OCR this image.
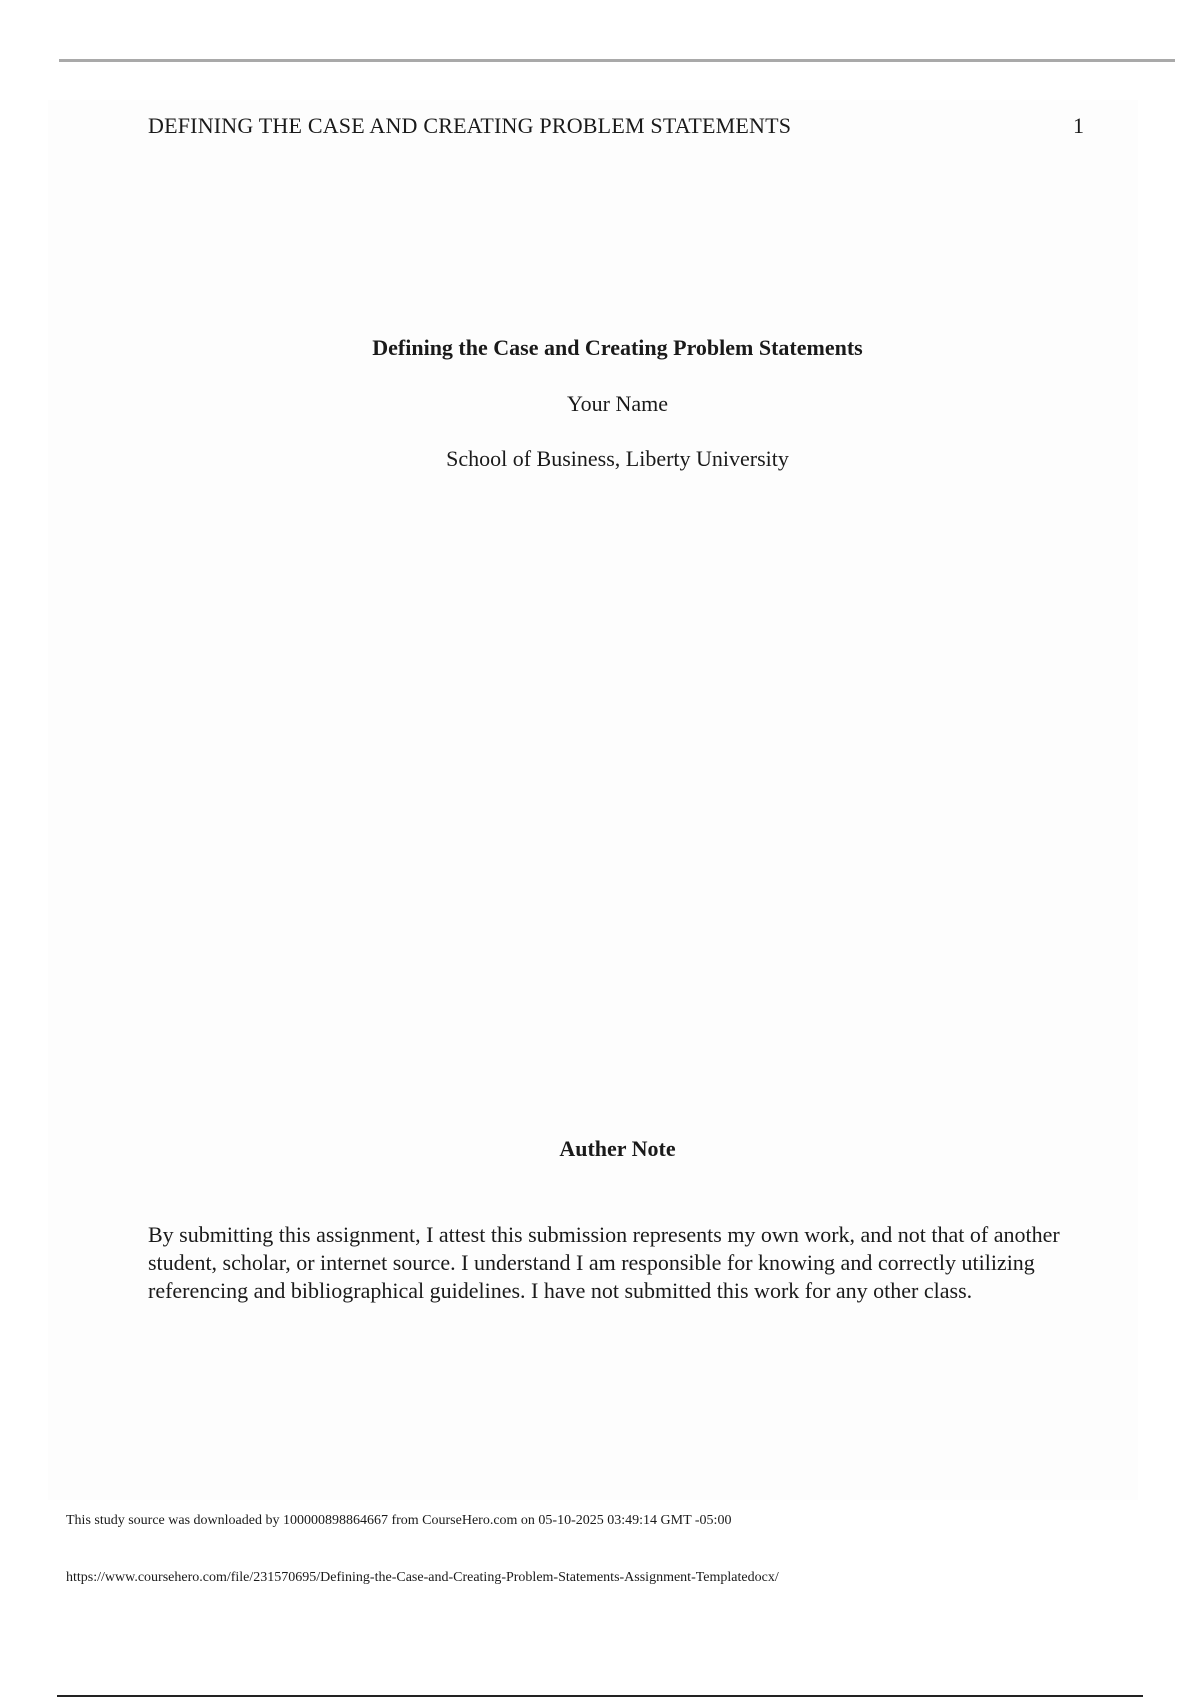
DEFINING THE CASE AND CREATING PROBLEM STATEMENTS	1
Defining the Case and Creating Problem Statements
Your Name
School of Business, Liberty University
Auther Note
By submitting this assignment, I attest this submission represents my own work, and not that of another student, scholar, or internet source. I understand I am responsible for knowing and correctly utilizing referencing and bibliographical guidelines. I have not submitted this work for any other class.
This study source was downloaded by 100000898864667 from CourseHero.com on 05-10-2025 03:49:14 GMT -05:00
https://www.coursehero.com/file/231570695/Defining-the-Case-and-Creating-Problem-Statements-Assignment-Templatedocx/
